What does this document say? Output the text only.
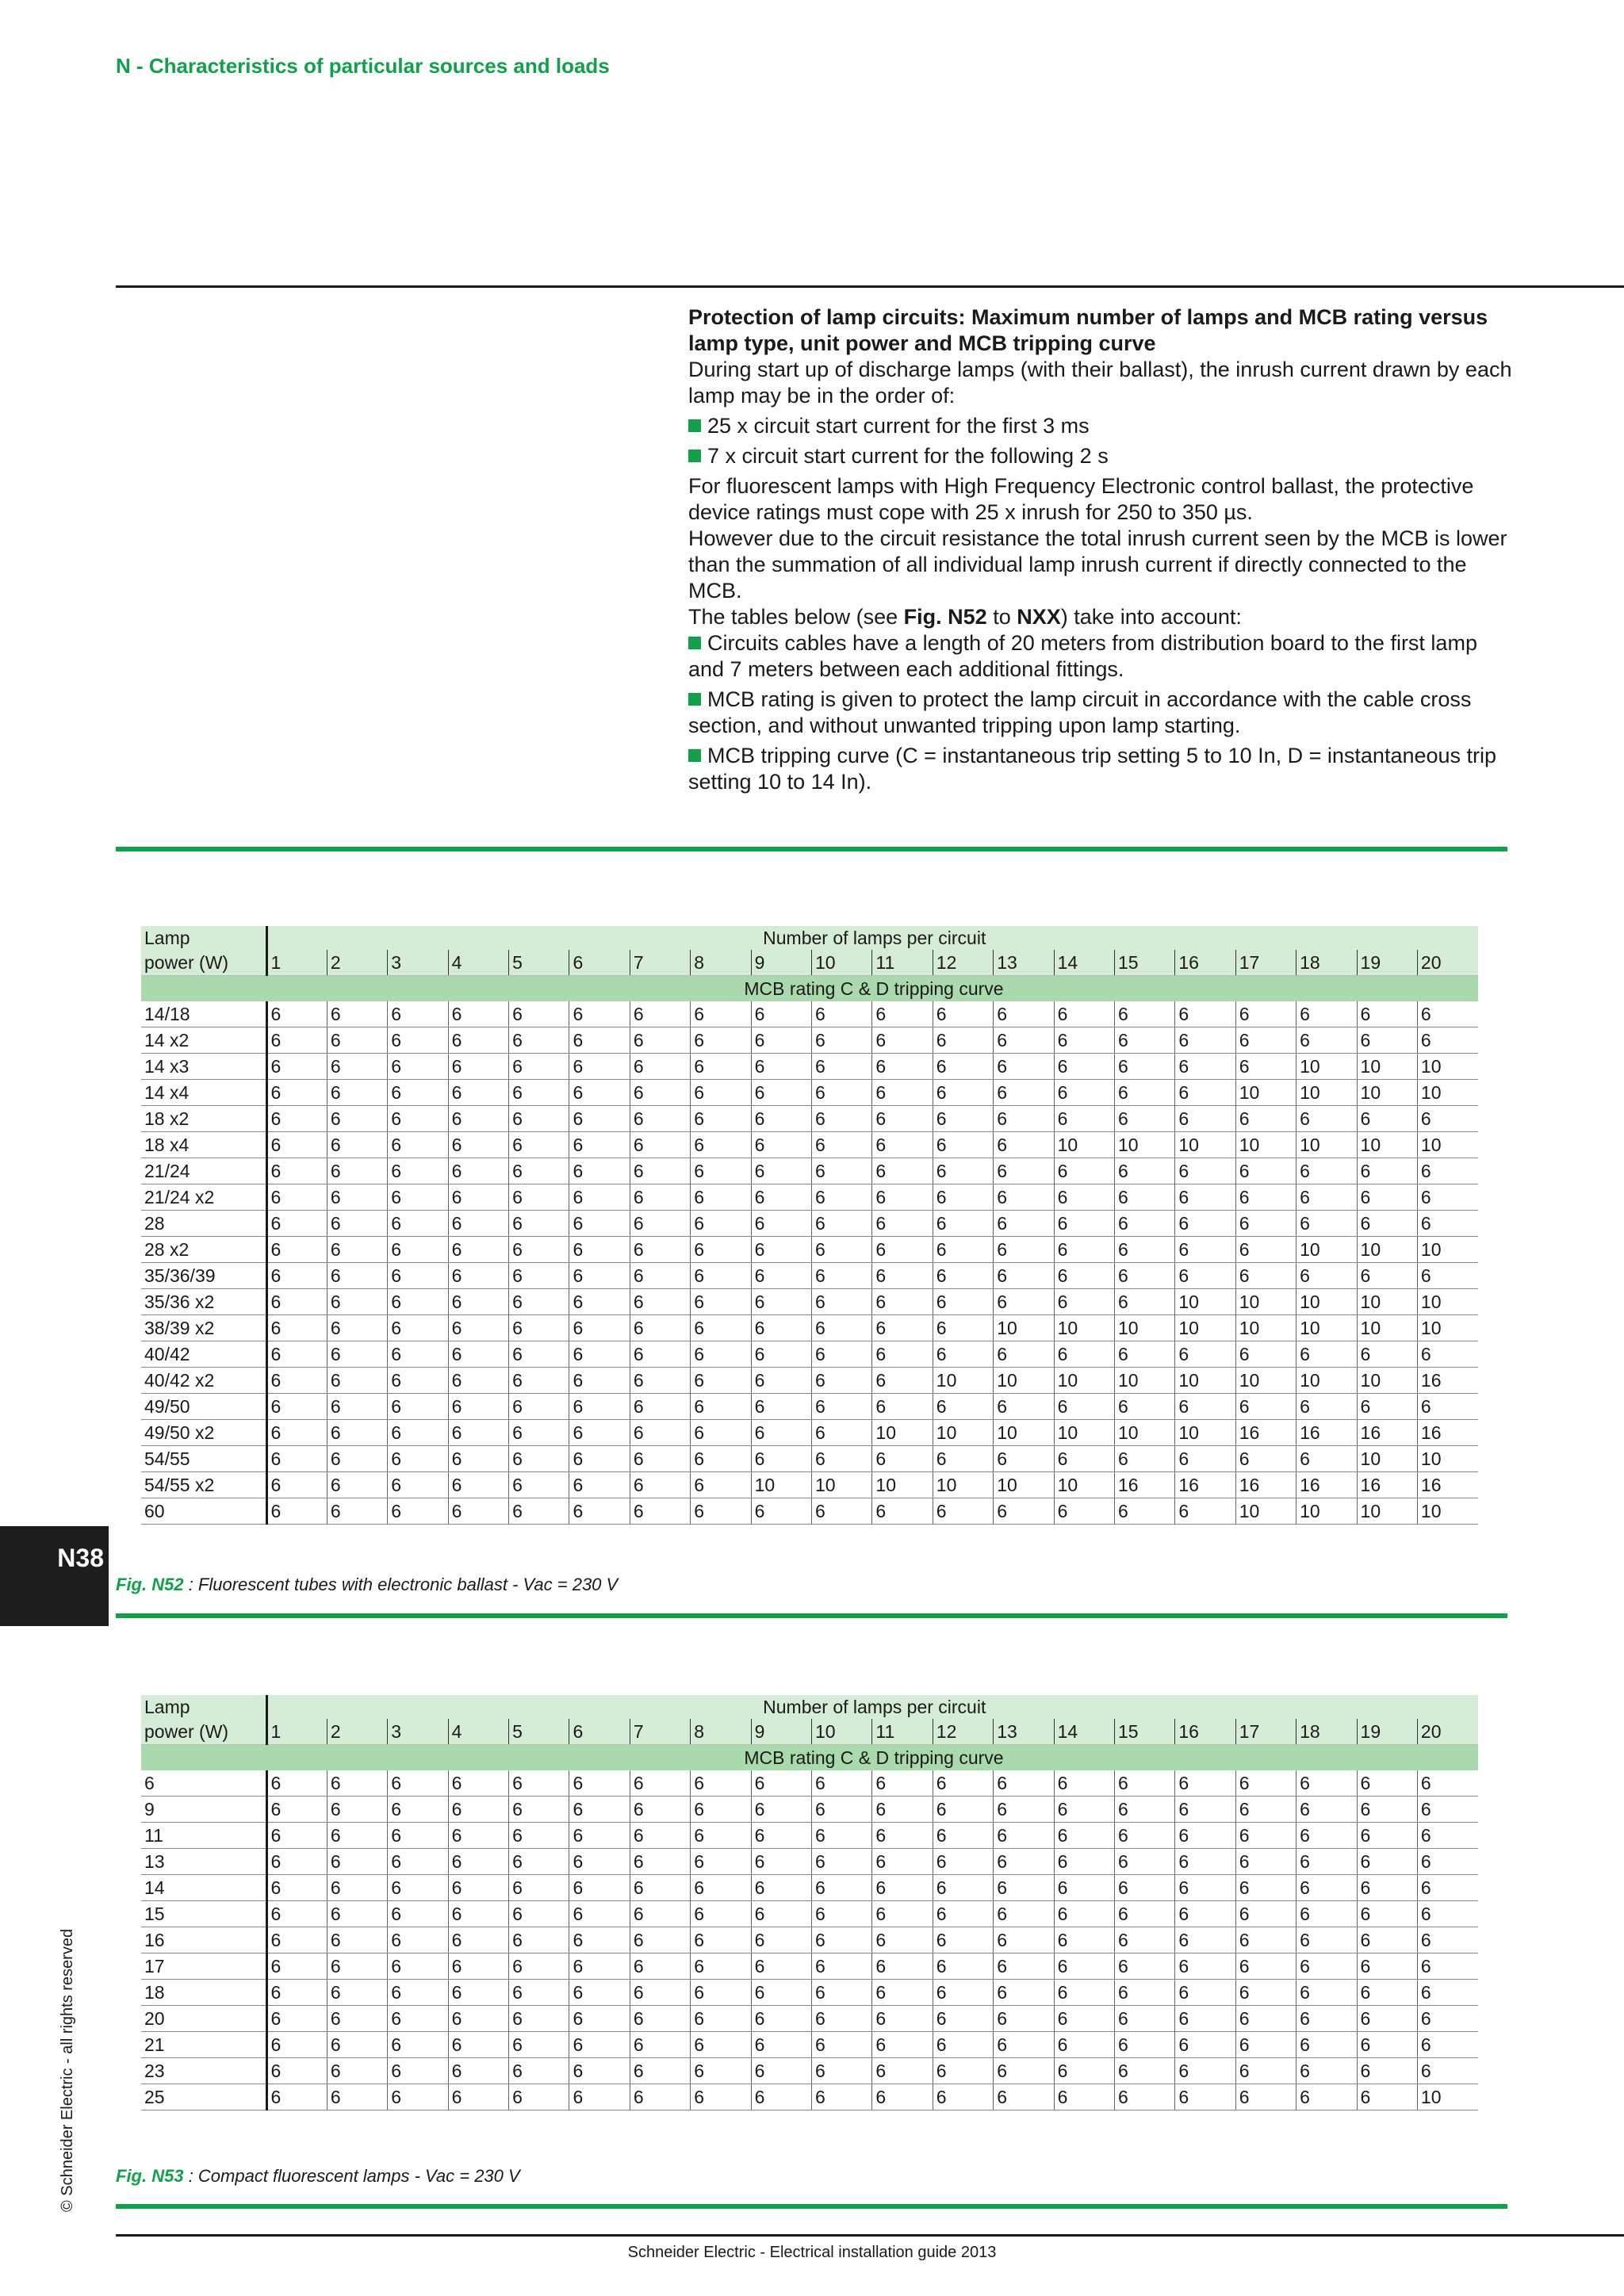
N - Characteristics of particular sources and loads
Protection of lamp circuits: Maximum number of lamps and MCB rating versus lamp type, unit power and MCB tripping curve

During start up of discharge lamps (with their ballast), the inrush current drawn by each lamp may be in the order of:

25 x circuit start current for the first 3 ms

7 x circuit start current for the following 2 s

For fluorescent lamps with High Frequency Electronic control ballast, the protective device ratings must cope with 25 x inrush for 250 to 350 µs.

However due to the circuit resistance the total inrush current seen by the MCB is lower than the summation of all individual lamp inrush current if directly connected to the MCB.

The tables below (see Fig. N52 to NXX) take into account:

Circuits cables have a length of 20 meters from distribution board to the first lamp and 7 meters between each additional fittings.

MCB rating is given to protect the lamp circuit in accordance with the cable cross section, and without unwanted tripping upon lamp starting.

MCB tripping curve (C = instantaneous trip setting 5 to 10 In, D = instantaneous trip setting 10 to 14 In).

Lamp	Number of lamps per circuit																			
power (W)	1	2	3	4	5	6	7	8	9	10	11	12	13	14	15	16	17	18	19	20
	MCB rating C & D tripping curve																			
14/18	6	6	6	6	6	6	6	6	6	6	6	6	6	6	6	6	6	6	6	6
14 x2	6	6	6	6	6	6	6	6	6	6	6	6	6	6	6	6	6	6	6	6
14 x3	6	6	6	6	6	6	6	6	6	6	6	6	6	6	6	6	6	10	10	10
14 x4	6	6	6	6	6	6	6	6	6	6	6	6	6	6	6	6	10	10	10	10
18 x2	6	6	6	6	6	6	6	6	6	6	6	6	6	6	6	6	6	6	6	6
18 x4	6	6	6	6	6	6	6	6	6	6	6	6	6	10	10	10	10	10	10	10
21/24	6	6	6	6	6	6	6	6	6	6	6	6	6	6	6	6	6	6	6	6
21/24 x2	6	6	6	6	6	6	6	6	6	6	6	6	6	6	6	6	6	6	6	6
28	6	6	6	6	6	6	6	6	6	6	6	6	6	6	6	6	6	6	6	6
28 x2	6	6	6	6	6	6	6	6	6	6	6	6	6	6	6	6	6	10	10	10
35/36/39	6	6	6	6	6	6	6	6	6	6	6	6	6	6	6	6	6	6	6	6
35/36 x2	6	6	6	6	6	6	6	6	6	6	6	6	6	6	6	10	10	10	10	10
38/39 x2	6	6	6	6	6	6	6	6	6	6	6	6	10	10	10	10	10	10	10	10
40/42	6	6	6	6	6	6	6	6	6	6	6	6	6	6	6	6	6	6	6	6
40/42 x2	6	6	6	6	6	6	6	6	6	6	6	10	10	10	10	10	10	10	10	16
49/50	6	6	6	6	6	6	6	6	6	6	6	6	6	6	6	6	6	6	6	6
49/50 x2	6	6	6	6	6	6	6	6	6	6	10	10	10	10	10	10	16	16	16	16
54/55	6	6	6	6	6	6	6	6	6	6	6	6	6	6	6	6	6	6	10	10
54/55 x2	6	6	6	6	6	6	6	6	10	10	10	10	10	10	16	16	16	16	16	16
60	6	6	6	6	6	6	6	6	6	6	6	6	6	6	6	6	10	10	10	10
Fig. N52 : Fluorescent tubes with electronic ballast - Vac = 230 V
Lamp	Number of lamps per circuit																			
power (W)	1	2	3	4	5	6	7	8	9	10	11	12	13	14	15	16	17	18	19	20
	MCB rating C & D tripping curve																			
6	6	6	6	6	6	6	6	6	6	6	6	6	6	6	6	6	6	6	6	6
9	6	6	6	6	6	6	6	6	6	6	6	6	6	6	6	6	6	6	6	6
11	6	6	6	6	6	6	6	6	6	6	6	6	6	6	6	6	6	6	6	6
13	6	6	6	6	6	6	6	6	6	6	6	6	6	6	6	6	6	6	6	6
14	6	6	6	6	6	6	6	6	6	6	6	6	6	6	6	6	6	6	6	6
15	6	6	6	6	6	6	6	6	6	6	6	6	6	6	6	6	6	6	6	6
16	6	6	6	6	6	6	6	6	6	6	6	6	6	6	6	6	6	6	6	6
17	6	6	6	6	6	6	6	6	6	6	6	6	6	6	6	6	6	6	6	6
18	6	6	6	6	6	6	6	6	6	6	6	6	6	6	6	6	6	6	6	6
20	6	6	6	6	6	6	6	6	6	6	6	6	6	6	6	6	6	6	6	6
21	6	6	6	6	6	6	6	6	6	6	6	6	6	6	6	6	6	6	6	6
23	6	6	6	6	6	6	6	6	6	6	6	6	6	6	6	6	6	6	6	6
25	6	6	6	6	6	6	6	6	6	6	6	6	6	6	6	6	6	6	6	10
Fig. N53 : Compact fluorescent lamps - Vac = 230 V
N38
© Schneider Electric - all rights reserved
Schneider Electric - Electrical installation guide 2013
